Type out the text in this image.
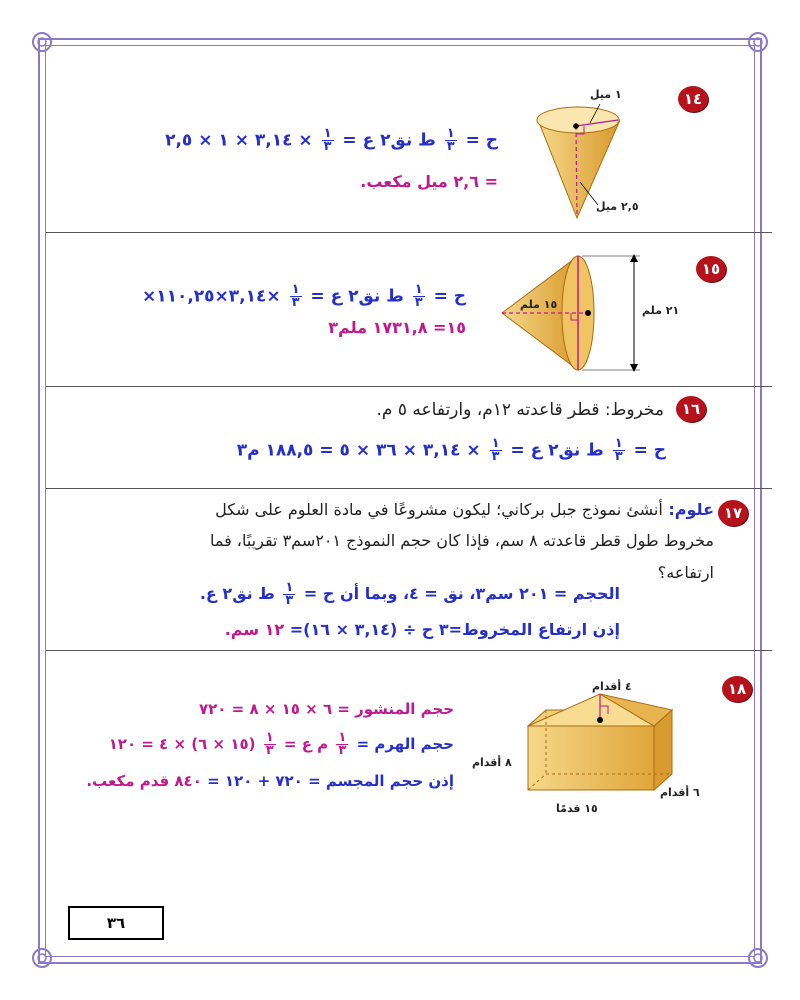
١٤
١ ميل
٢,٥ ميل
ح =
$\frac{١}{٣}$
ط نق٢ ع =
$\frac{١}{٣}$
× ٣,١٤ × ١ × ٢,٥
= ٢,٦ ميل مكعب.
١٥
١٥ ملم	٢١ ملم
ح =
$\frac{١}{٣}$
ط نق٢ ع =
$\frac{١}{٣}$
×٣,١٤×١١٠,٢٥×
١٥= ١٧٣١,٨ ملم٣
١٦
مخروط: قطر قاعدته ١٢م، وارتفاعه ٥ م.
ح =
$\frac{١}{٣}$
ط نق٢ ع =
$\frac{١}{٣}$
× ٣,١٤ × ٣٦ × ٥ = ١٨٨,٥ م٣
١٧
علوم: أنشئ نموذج جبل بركاني؛ ليكون مشروعًا في مادة العلوم على شكل
مخروط طول قطر قاعدته ٨ سم، فإذا كان حجم النموذج ٢٠١سم٣ تقريبًا، فما
ارتفاعه؟
الحجم = ٢٠١ سم٣، نق = ٤، وبما أن ح =
$\frac{١}{٣}$
ط نق٢ ع.
إذن ارتفاع المخروط=٣ ح ÷ (٣,١٤ × ١٦)= ١٢ سم.
١٨
٤ أقدام
٨ أقدام
١٥ قدمًا
٦ أقدام
حجم المنشور = ٦ × ١٥ × ٨ = ٧٢٠
حجم الهرم =
$\frac{١}{٣}$
م ع =
$\frac{١}{٣}$
(١٥ × ٦) × ٤ = ١٢٠
إذن حجم المجسم = ٧٢٠ + ١٢٠ = ٨٤٠ قدم مكعب.
٣٦
